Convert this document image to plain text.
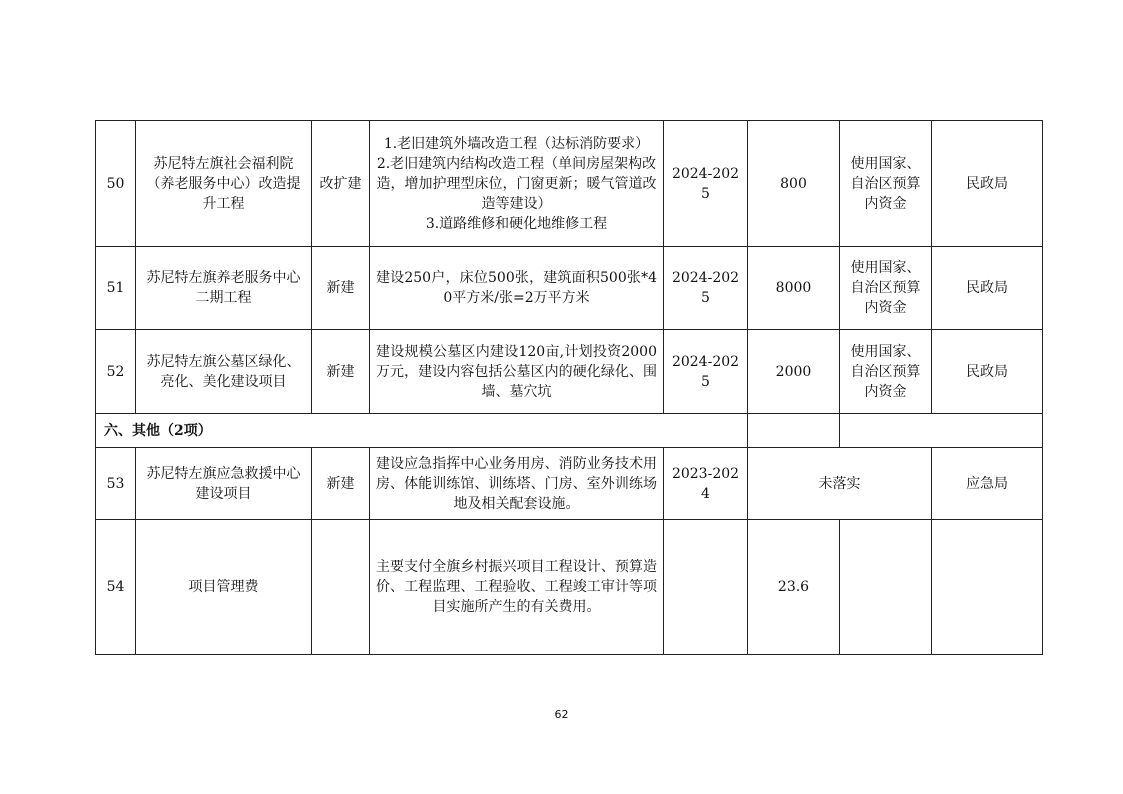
50	苏尼特左旗社会福利院（养老服务中心）改造提升工程	改扩建	1.老旧建筑外墙改造工程（达标消防要求）
2.老旧建筑内结构改造工程（单间房屋架构改造，增加护理型床位，门窗更新；暖气管道改造等建设）
3.道路维修和硬化地维修工程	2024-2025	800	使用国家、自治区预算内资金	民政局
51	苏尼特左旗养老服务中心二期工程	新建	建设250户，床位500张，建筑面积500张*40平方米/张=2万平方米	2024-2025	8000	使用国家、自治区预算内资金	民政局
52	苏尼特左旗公墓区绿化、亮化、美化建设项目	新建	建设规模公墓区内建设120亩,计划投资2000万元，建设内容包括公墓区内的硬化绿化、围墙、墓穴坑	2024-2025	2000	使用国家、自治区预算内资金	民政局
六、其他（2项）							
53	苏尼特左旗应急救援中心建设项目	新建	建设应急指挥中心业务用房、消防业务技术用房、体能训练馆、训练塔、门房、室外训练场地及相关配套设施。	2023-2024	未落实		应急局
54	项目管理费		主要支付全旗乡村振兴项目工程设计、预算造价、工程监理、工程验收、工程竣工审计等项目实施所产生的有关费用。		23.6		
62
